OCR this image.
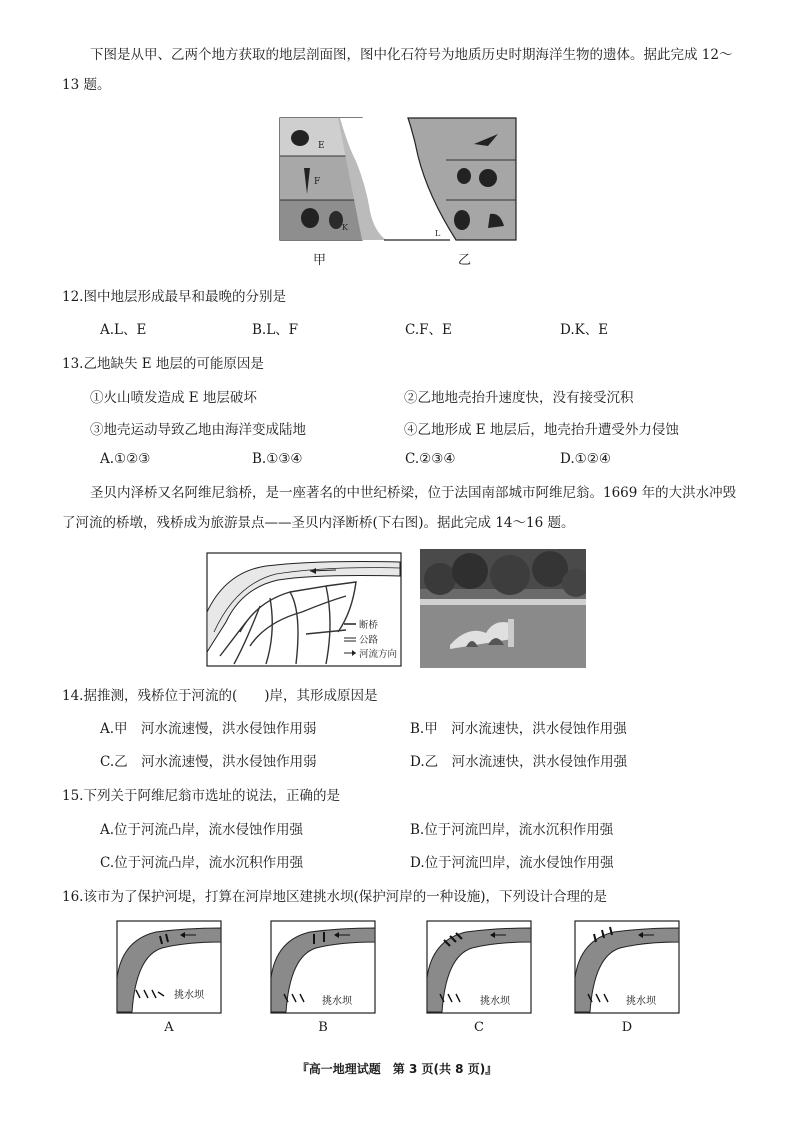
下图是从甲、乙两个地方获取的地层剖面图，图中化石符号为地质历史时期海洋生物的遗体。据此完成 12～13 题。
E
F
K
L
甲	乙
12.图中地层形成最早和最晚的分别是
A.L、E	B.L、F	C.F、E	D.K、E
13.乙地缺失 E 地层的可能原因是
①火山喷发造成 E 地层破坏	②乙地地壳抬升速度快，没有接受沉积
③地壳运动导致乙地由海洋变成陆地	④乙地形成 E 地层后，地壳抬升遭受外力侵蚀
A.①②③	B.①③④	C.②③④	D.①②④
圣贝内泽桥又名阿维尼翁桥，是一座著名的中世纪桥梁，位于法国南部城市阿维尼翁。1669 年的大洪水冲毁了河流的桥墩，残桥成为旅游景点——圣贝内泽断桥(下右图)。据此完成 14～16 题。
断桥
公路
河流方向
14.据推测，残桥位于河流的(　　)岸，其形成原因是
A.甲　河水流速慢，洪水侵蚀作用弱	B.甲　河水流速快，洪水侵蚀作用强
C.乙　河水流速慢，洪水侵蚀作用弱	D.乙　河水流速快，洪水侵蚀作用强
15.下列关于阿维尼翁市选址的说法，正确的是
A.位于河流凸岸，流水侵蚀作用强	B.位于河流凹岸，流水沉积作用强
C.位于河流凸岸，流水沉积作用强	D.位于河流凹岸，流水侵蚀作用强
16.该市为了保护河堤，打算在河岸地区建挑水坝(保护河岸的一种设施)，下列设计合理的是
挑水坝
挑水坝	挑水坝	挑水坝
A	B	C	D
『高一地理试题　第 3 页(共 8 页)』
